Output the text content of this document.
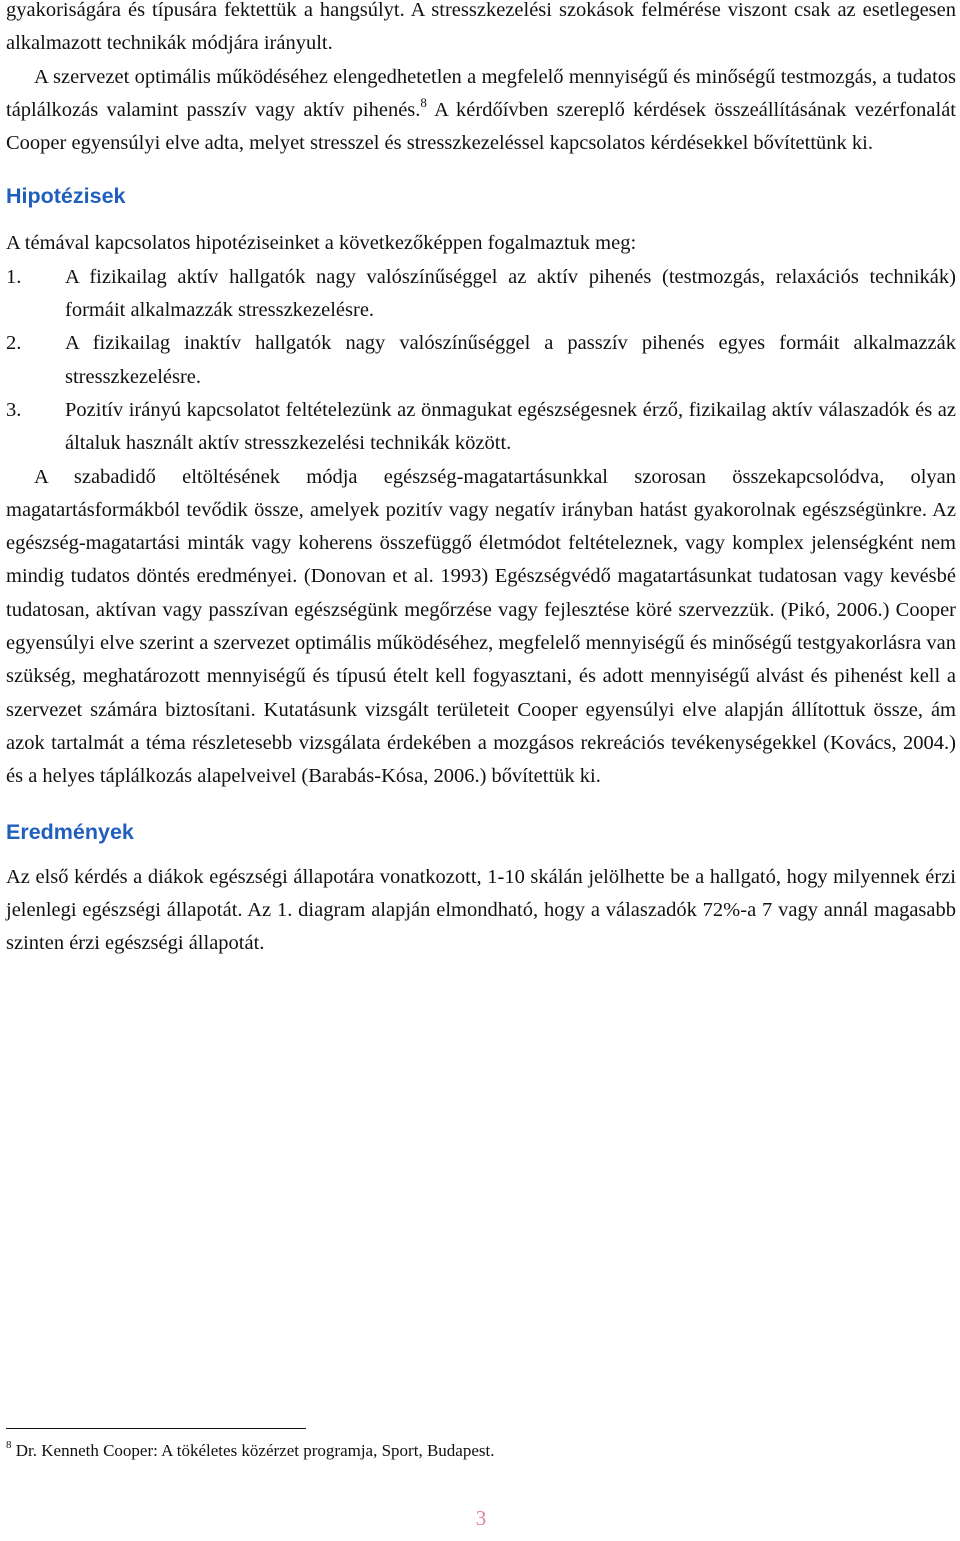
gyakoriságára és típusára fektettük a hangsúlyt. A stresszkezelési szokások felmérése viszont csak az esetlegesen alkalmazott technikák módjára irányult.

A szervezet optimális működéséhez elengedhetetlen a megfelelő mennyiségű és minőségű testmozgás, a tudatos táplálkozás valamint passzív vagy aktív pihenés.$^8$ A kérdőívben szereplő kérdések összeállításának vezérfonalát Cooper egyensúlyi elve adta, melyet stresszel és stresszkezeléssel kapcsolatos kérdésekkel bővítettünk ki.

Hipotézisek

A témával kapcsolatos hipotéziseinket a következőképpen fogalmaztuk meg:

1. A fizikailag aktív hallgatók nagy valószínűséggel az aktív pihenés (testmozgás, relaxációs technikák) formáit alkalmazzák stresszkezelésre.
2. A fizikailag inaktív hallgatók nagy valószínűséggel a passzív pihenés egyes formáit alkalmazzák stresszkezelésre.
3. Pozitív irányú kapcsolatot feltételezünk az önmagukat egészségesnek érző, fizikailag aktív válaszadók és az általuk használt aktív stresszkezelési technikák között.

A szabadidő eltöltésének módja egészség-magatartásunkkal szorosan összekapcsolódva, olyan magatartásformákból tevődik össze, amelyek pozitív vagy negatív irányban hatást gyakorolnak egészségünkre. Az egészség-magatartási minták vagy koherens összefüggő életmódot feltételeznek, vagy komplex jelenségként nem mindig tudatos döntés eredményei. (Donovan et al. 1993) Egészségvédő magatartásunkat tudatosan vagy kevésbé tudatosan, aktívan vagy passzívan egészségünk megőrzése vagy fejlesztése köré szervezzük. (Pikó, 2006.) Cooper egyensúlyi elve szerint a szervezet optimális működéséhez, megfelelő mennyiségű és minőségű testgyakorlásra van szükség, meghatározott mennyiségű és típusú ételt kell fogyasztani, és adott mennyiségű alvást és pihenést kell a szervezet számára biztosítani. Kutatásunk vizsgált területeit Cooper egyensúlyi elve alapján állítottuk össze, ám azok tartalmát a téma részletesebb vizsgálata érdekében a mozgásos rekreációs tevékenységekkel (Kovács, 2004.) és a helyes táplálkozás alapelveivel (Barabás-Kósa, 2006.) bővítettük ki.

Eredmények

Az első kérdés a diákok egészségi állapotára vonatkozott, 1-10 skálán jelölhette be a hallgató, hogy milyennek érzi jelenlegi egészségi állapotát. Az 1. diagram alapján elmondható, hogy a válaszadók 72%-a 7 vagy annál magasabb szinten érzi egészségi állapotát.

$^8$ Dr. Kenneth Cooper: A tökéletes közérzet programja, Sport, Budapest.
3
